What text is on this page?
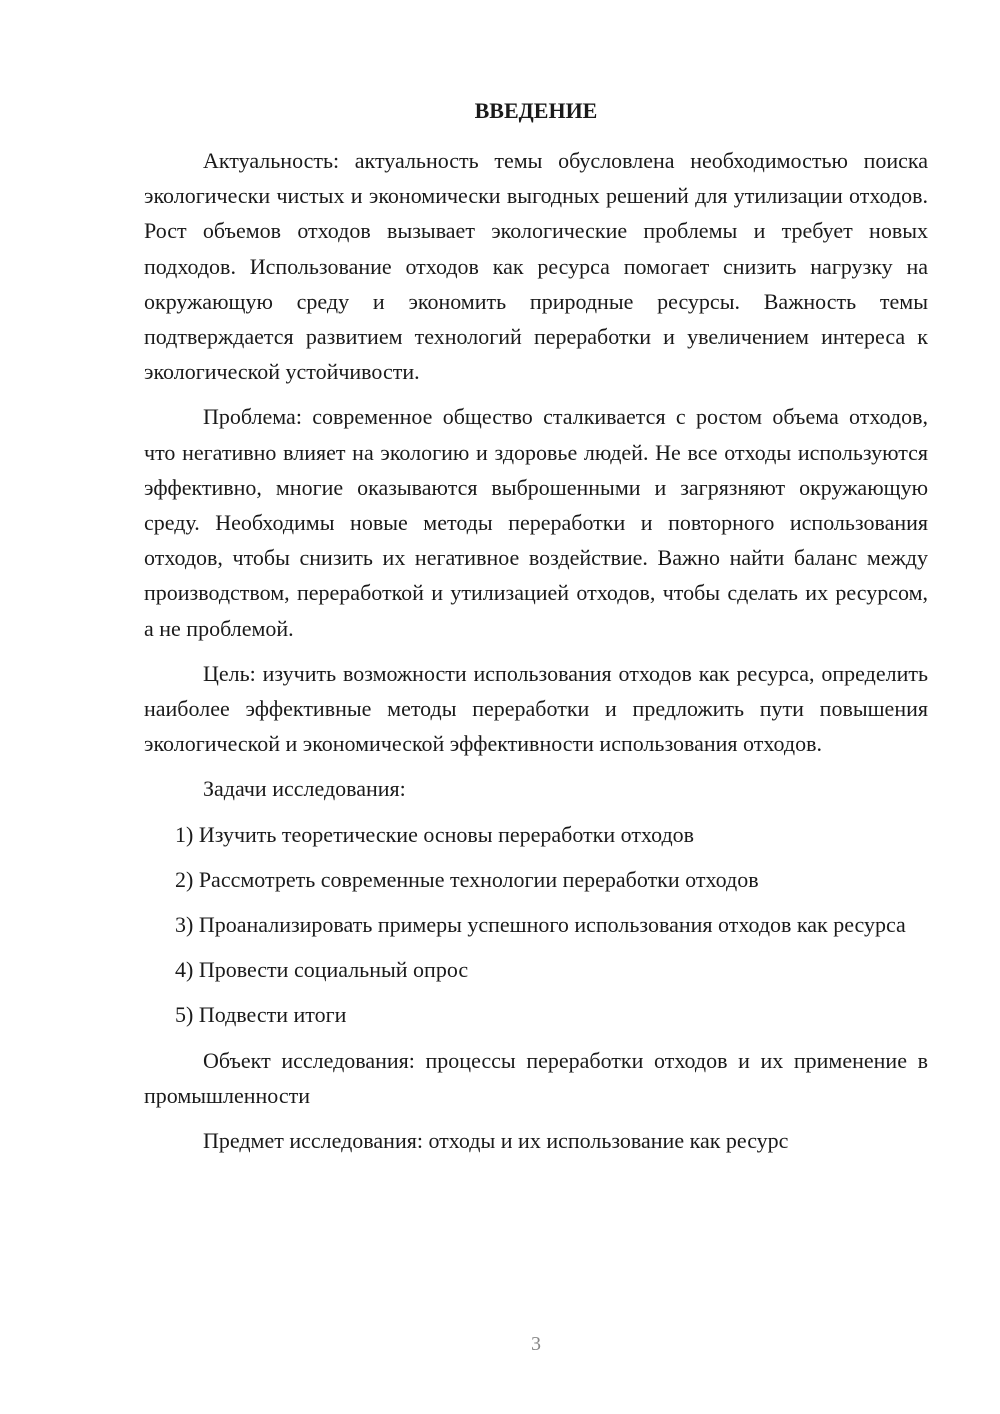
ВВЕДЕНИЕ

Актуальность: актуальность темы обусловлена необходимостью поиска экологически чистых и экономически выгодных решений для утилизации отходов. Рост объемов отходов вызывает экологические проблемы и требует новых подходов. Использование отходов как ресурса помогает снизить нагрузку на окружающую среду и экономить природные ресурсы. Важность темы подтверждается развитием технологий переработки и увеличением интереса к экологической устойчивости.

Проблема: современное общество сталкивается с ростом объема отходов, что негативно влияет на экологию и здоровье людей. Не все отходы используются эффективно, многие оказываются выброшенными и загрязняют окружающую среду. Необходимы новые методы переработки и повторного использования отходов, чтобы снизить их негативное воздействие. Важно найти баланс между производством, переработкой и утилизацией отходов, чтобы сделать их ресурсом, а не проблемой.

Цель: изучить возможности использования отходов как ресурса, определить наиболее эффективные методы переработки и предложить пути повышения экологической и экономической эффективности использования отходов.

Задачи исследования:

1) Изучить теоретические основы переработки отходов

2) Рассмотреть современные технологии переработки отходов

3) Проанализировать примеры успешного использования отходов как ресурса

4) Провести социальный опрос

5) Подвести итоги

Объект исследования: процессы переработки отходов и их применение в промышленности

Предмет исследования: отходы и их использование как ресурс

3
